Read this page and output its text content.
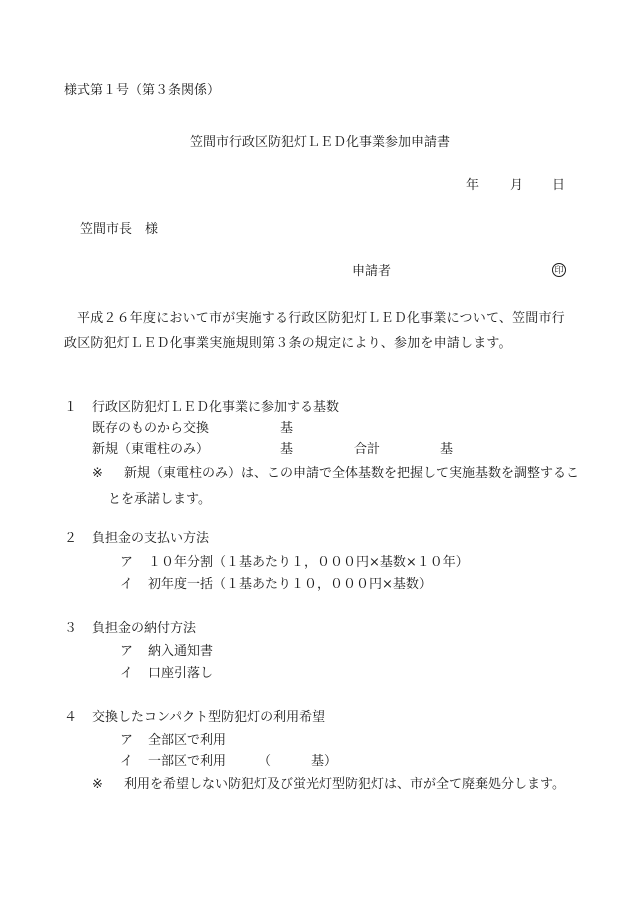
様式第１号（第３条関係）
笠間市行政区防犯灯ＬＥＤ化事業参加申請書
年 月 日
笠間市長　様
申請者	印
平成２６年度において市が実施する行政区防犯灯ＬＥＤ化事業について、笠間市行政区防犯灯ＬＥＤ化事業実施規則第３条の規定により、参加を申請します。
１ 行政区防犯灯ＬＥＤ化事業に参加する基数
既存のものから交換	基
新規（東電柱のみ）	基	合計	基
※ 新規（東電柱のみ）は、この申請で全体基数を把握して実施基数を調整することを承諾します。
２ 負担金の支払い方法
ア １０年分割（１基あたり１，０００円×基数×１０年）
イ 初年度一括（１基あたり１０，０００円×基数）
３ 負担金の納付方法
ア 納入通知書
イ 口座引落し
４ 交換したコンパクト型防犯灯の利用希望
ア 全部区で利用
イ 一部区で利用 （	基）
※ 利用を希望しない防犯灯及び蛍光灯型防犯灯は、市が全て廃棄処分します。
